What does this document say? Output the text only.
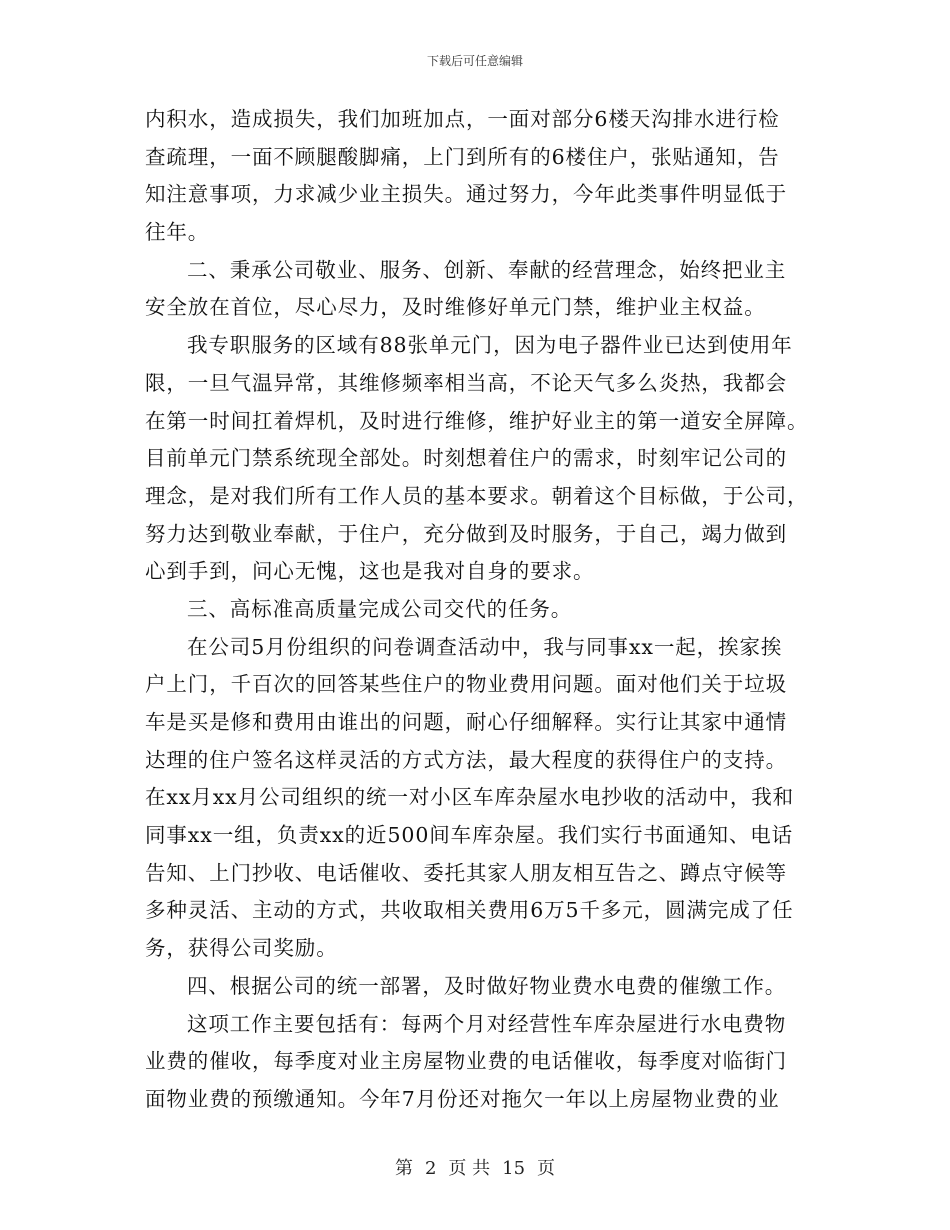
下载后可任意编辑
内积水，造成损失，我们加班加点，一面对部分6楼天沟排水进行检
查疏理，一面不顾腿酸脚痛，上门到所有的6楼住户，张贴通知，告
知注意事项，力求减少业主损失。通过努力，今年此类事件明显低于
往年。
二、秉承公司敬业、服务、创新、奉献的经营理念，始终把业主
安全放在首位，尽心尽力，及时维修好单元门禁，维护业主权益。
我专职服务的区域有88张单元门，因为电子器件业已达到使用年
限，一旦气温异常，其维修频率相当高，不论天气多么炎热，我都会
在第一时间扛着焊机，及时进行维修，维护好业主的第一道安全屏障。
目前单元门禁系统现全部处。时刻想着住户的需求，时刻牢记公司的
理念，是对我们所有工作人员的基本要求。朝着这个目标做，于公司，
努力达到敬业奉献，于住户，充分做到及时服务，于自己，竭力做到
心到手到，问心无愧，这也是我对自身的要求。
三、高标准高质量完成公司交代的任务。
在公司5月份组织的问卷调查活动中，我与同事xx一起，挨家挨
户上门，千百次的回答某些住户的物业费用问题。面对他们关于垃圾
车是买是修和费用由谁出的问题，耐心仔细解释。实行让其家中通情
达理的住户签名这样灵活的方式方法，最大程度的获得住户的支持。
在xx月xx月公司组织的统一对小区车库杂屋水电抄收的活动中，我和
同事xx一组，负责xx的近500间车库杂屋。我们实行书面通知、电话
告知、上门抄收、电话催收、委托其家人朋友相互告之、蹲点守候等
多种灵活、主动的方式，共收取相关费用6万5千多元，圆满完成了任
务，获得公司奖励。
四、根据公司的统一部署，及时做好物业费水电费的催缴工作。
这项工作主要包括有：每两个月对经营性车库杂屋进行水电费物
业费的催收，每季度对业主房屋物业费的电话催收，每季度对临街门
面物业费的预缴通知。今年7月份还对拖欠一年以上房屋物业费的业
第 2 页 共 15 页
